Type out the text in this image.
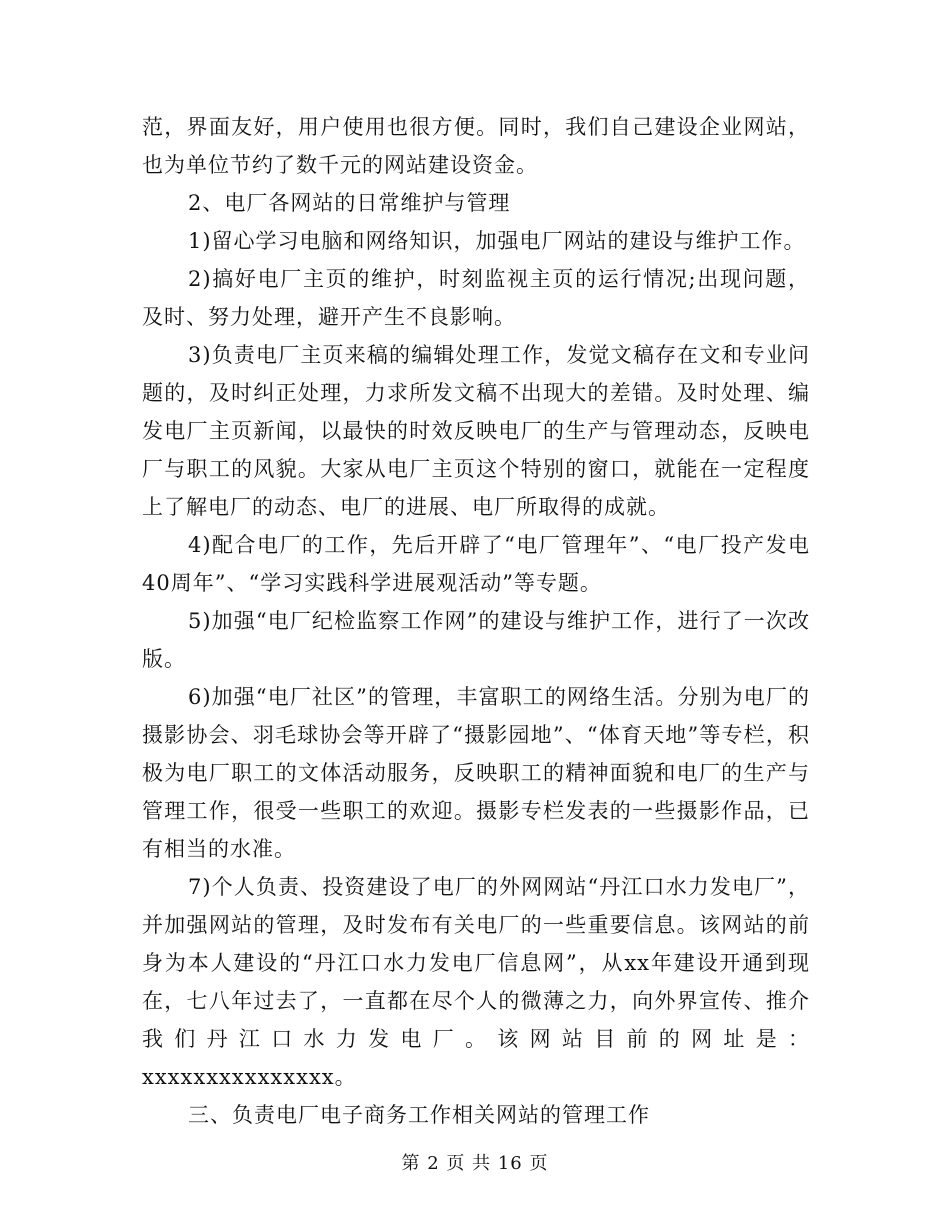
范，界面友好，用户使用也很方便。同时，我们自己建设企业网站，也为单位节约了数千元的网站建设资金。

2、电厂各网站的日常维护与管理

1)留心学习电脑和网络知识，加强电厂网站的建设与维护工作。

2)搞好电厂主页的维护，时刻监视主页的运行情况;出现问题，及时、努力处理，避开产生不良影响。

3)负责电厂主页来稿的编辑处理工作，发觉文稿存在文和专业问题的，及时纠正处理，力求所发文稿不出现大的差错。及时处理、编发电厂主页新闻，以最快的时效反映电厂的生产与管理动态，反映电厂与职工的风貌。大家从电厂主页这个特别的窗口，就能在一定程度上了解电厂的动态、电厂的进展、电厂所取得的成就。

4)配合电厂的工作，先后开辟了“电厂管理年”、“电厂投产发电40周年”、“学习实践科学进展观活动”等专题。

5)加强“电厂纪检监察工作网”的建设与维护工作，进行了一次改版。

6)加强“电厂社区”的管理，丰富职工的网络生活。分别为电厂的摄影协会、羽毛球协会等开辟了“摄影园地”、“体育天地”等专栏，积极为电厂职工的文体活动服务，反映职工的精神面貌和电厂的生产与管理工作，很受一些职工的欢迎。摄影专栏发表的一些摄影作品，已有相当的水准。

7)个人负责、投资建设了电厂的外网网站“丹江口水力发电厂”，并加强网站的管理，及时发布有关电厂的一些重要信息。该网站的前身为本人建设的“丹江口水力发电厂信息网”，从xx年建设开通到现在，七八年过去了，一直都在尽个人的微薄之力，向外界宣传、推介我们丹江口水力发电厂。该网站目前的网址是：xxxxxxxxxxxxxxx。

三、负责电厂电子商务工作相关网站的管理工作

第 2 页 共 16 页
